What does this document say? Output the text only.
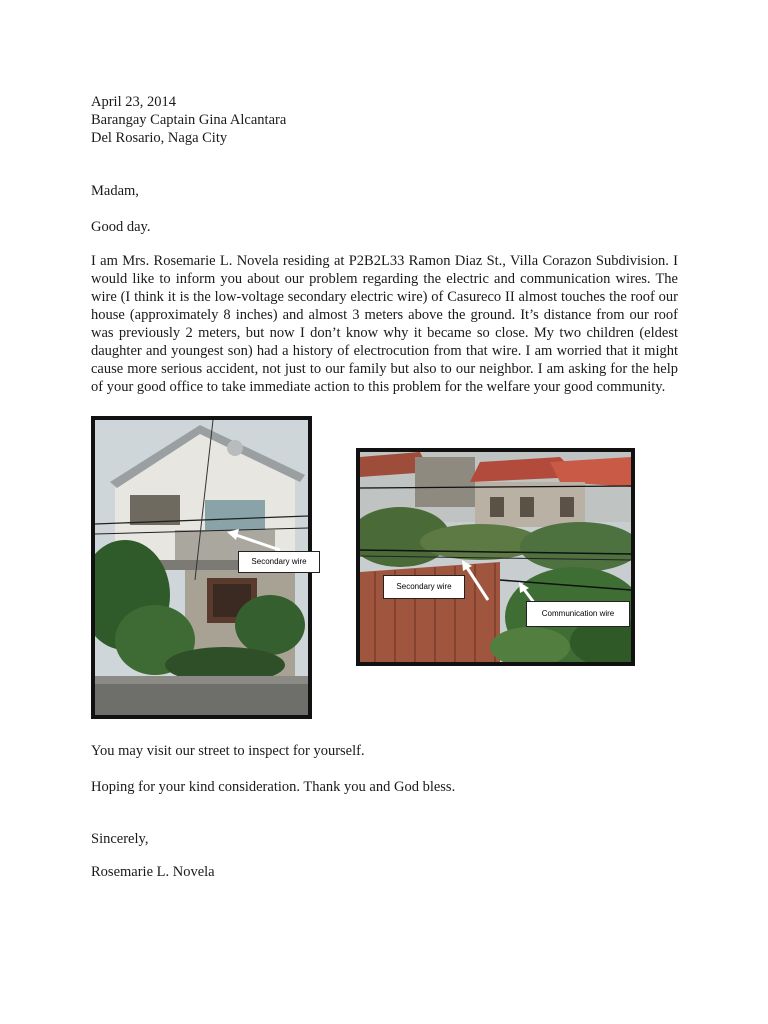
April 23, 2014
Barangay Captain Gina Alcantara
Del Rosario, Naga City
Madam,
Good day.

I am Mrs. Rosemarie L. Novela residing at P2B2L33 Ramon Diaz St., Villa Corazon Subdivision. I would like to inform you about our problem regarding the electric and communication wires. The wire (I think it is the low-voltage secondary electric wire) of Casureco II almost touches the roof our house (approximately 8 inches) and almost 3 meters above the ground. It’s distance from our roof was previously 2 meters, but now I don’t know why it became so close. My two children (eldest daughter and youngest son) had a history of electrocution from that wire. I am worried that it might cause more serious accident, not just to our family but also to our neighbor. I am asking for the help of your good office to take immediate action to this problem for the welfare your good community.

Secondary wire
Secondary wire
Communication wire
You may visit our street to inspect for yourself.
Hoping for your kind consideration. Thank you and God bless.
Sincerely,
Rosemarie L. Novela
